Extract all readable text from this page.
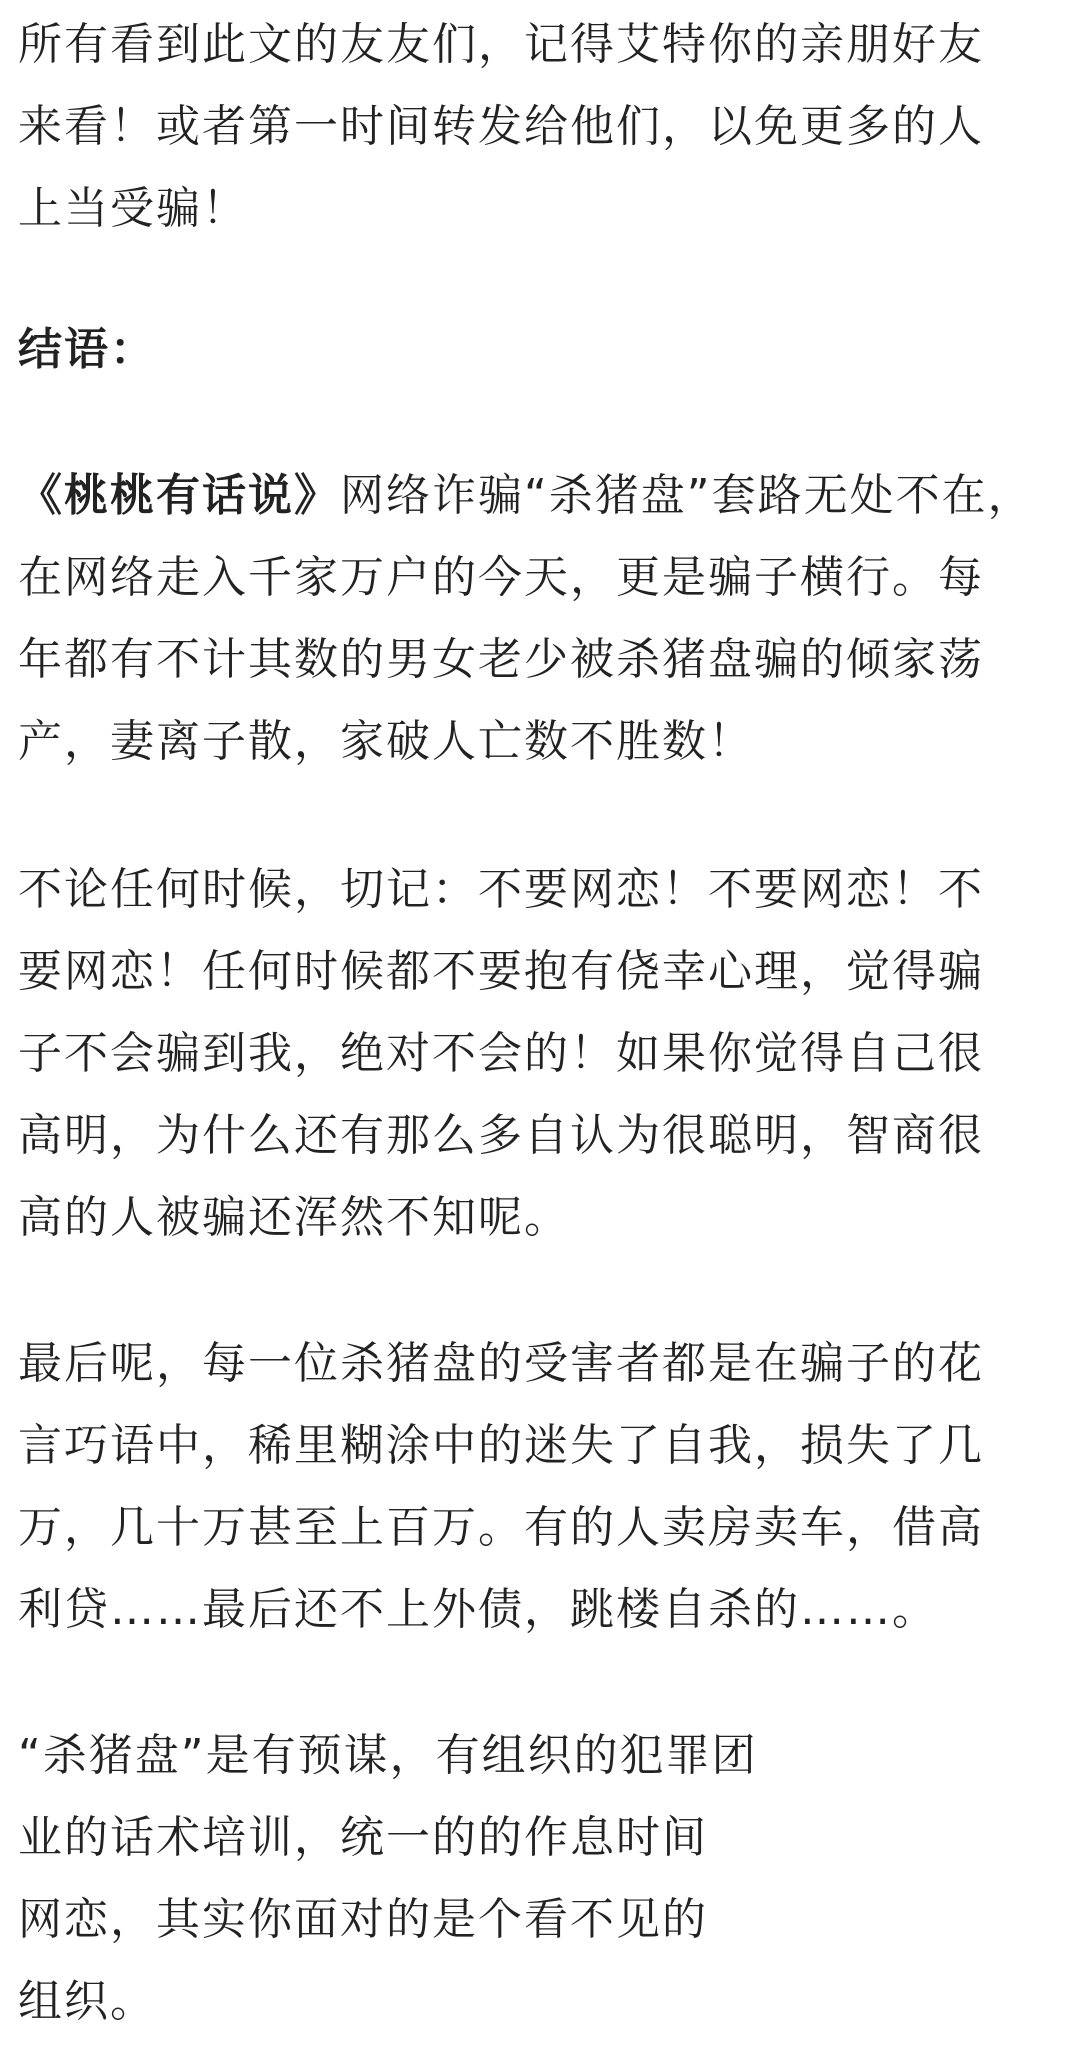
所有看到此文的友友们，记得艾特你的亲朋好友
来看！或者第一时间转发给他们，以免更多的人
上当受骗！

结语：

《桃桃有话说》网络诈骗“杀猪盘”套路无处不在，
在网络走入千家万户的今天，更是骗子横行。每
年都有不计其数的男女老少被杀猪盘骗的倾家荡
产，妻离子散，家破人亡数不胜数！

不论任何时候，切记：不要网恋！不要网恋！不
要网恋！任何时候都不要抱有侥幸心理，觉得骗
子不会骗到我，绝对不会的！如果你觉得自己很
高明，为什么还有那么多自认为很聪明，智商很
高的人被骗还浑然不知呢。

最后呢，每一位杀猪盘的受害者都是在骗子的花
言巧语中，稀里糊涂中的迷失了自我，损失了几
万，几十万甚至上百万。有的人卖房卖车，借高
利贷……最后还不上外债，跳楼自杀的……。

“杀猪盘”是有预谋，有组织的犯罪团
业的话术培训，统一的的作息时间
网恋，其实你面对的是个看不见的
组织。
